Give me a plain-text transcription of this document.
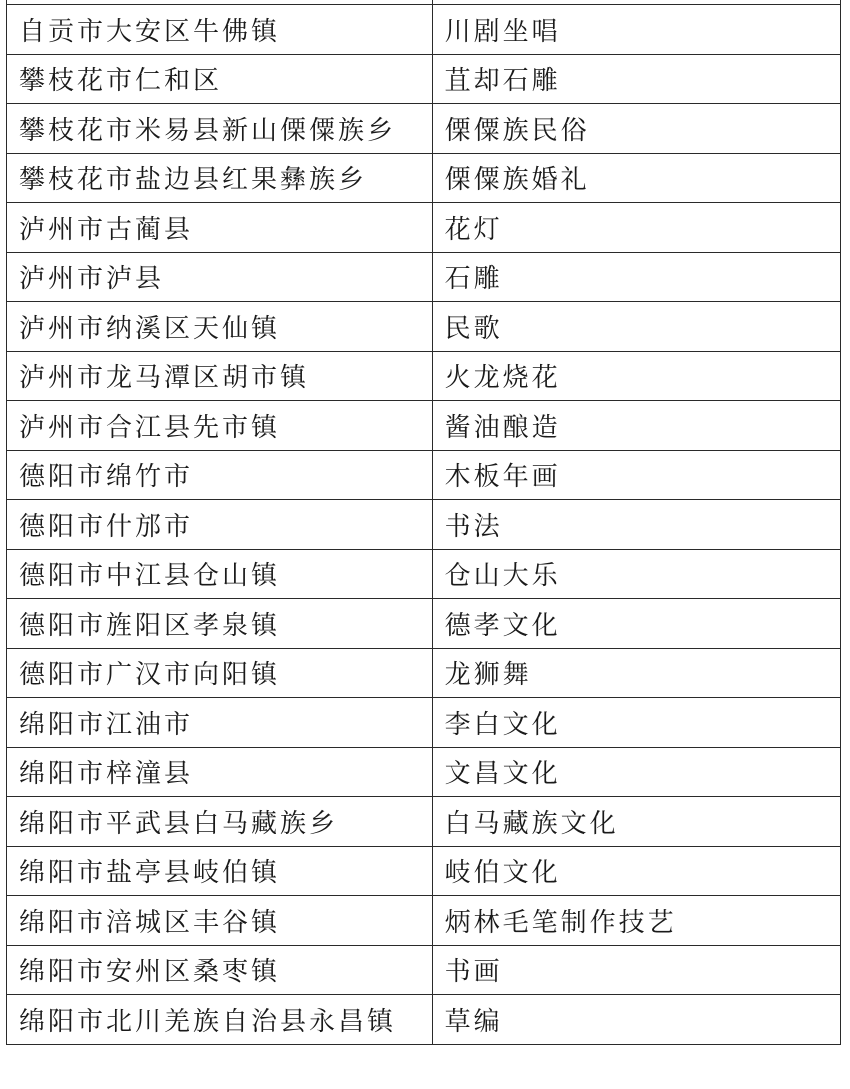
自贡市大安区牛佛镇	川剧坐唱
攀枝花市仁和区	苴却石雕
攀枝花市米易县新山傈僳族乡	傈僳族民俗
攀枝花市盐边县红果彝族乡	傈僳族婚礼
泸州市古蔺县	花灯
泸州市泸县	石雕
泸州市纳溪区天仙镇	民歌
泸州市龙马潭区胡市镇	火龙烧花
泸州市合江县先市镇	酱油酿造
德阳市绵竹市	木板年画
德阳市什邡市	书法
德阳市中江县仓山镇	仓山大乐
德阳市旌阳区孝泉镇	德孝文化
德阳市广汉市向阳镇	龙狮舞
绵阳市江油市	李白文化
绵阳市梓潼县	文昌文化
绵阳市平武县白马藏族乡	白马藏族文化
绵阳市盐亭县岐伯镇	岐伯文化
绵阳市涪城区丰谷镇	炳林毛笔制作技艺
绵阳市安州区桑枣镇	书画
绵阳市北川羌族自治县永昌镇	草编
